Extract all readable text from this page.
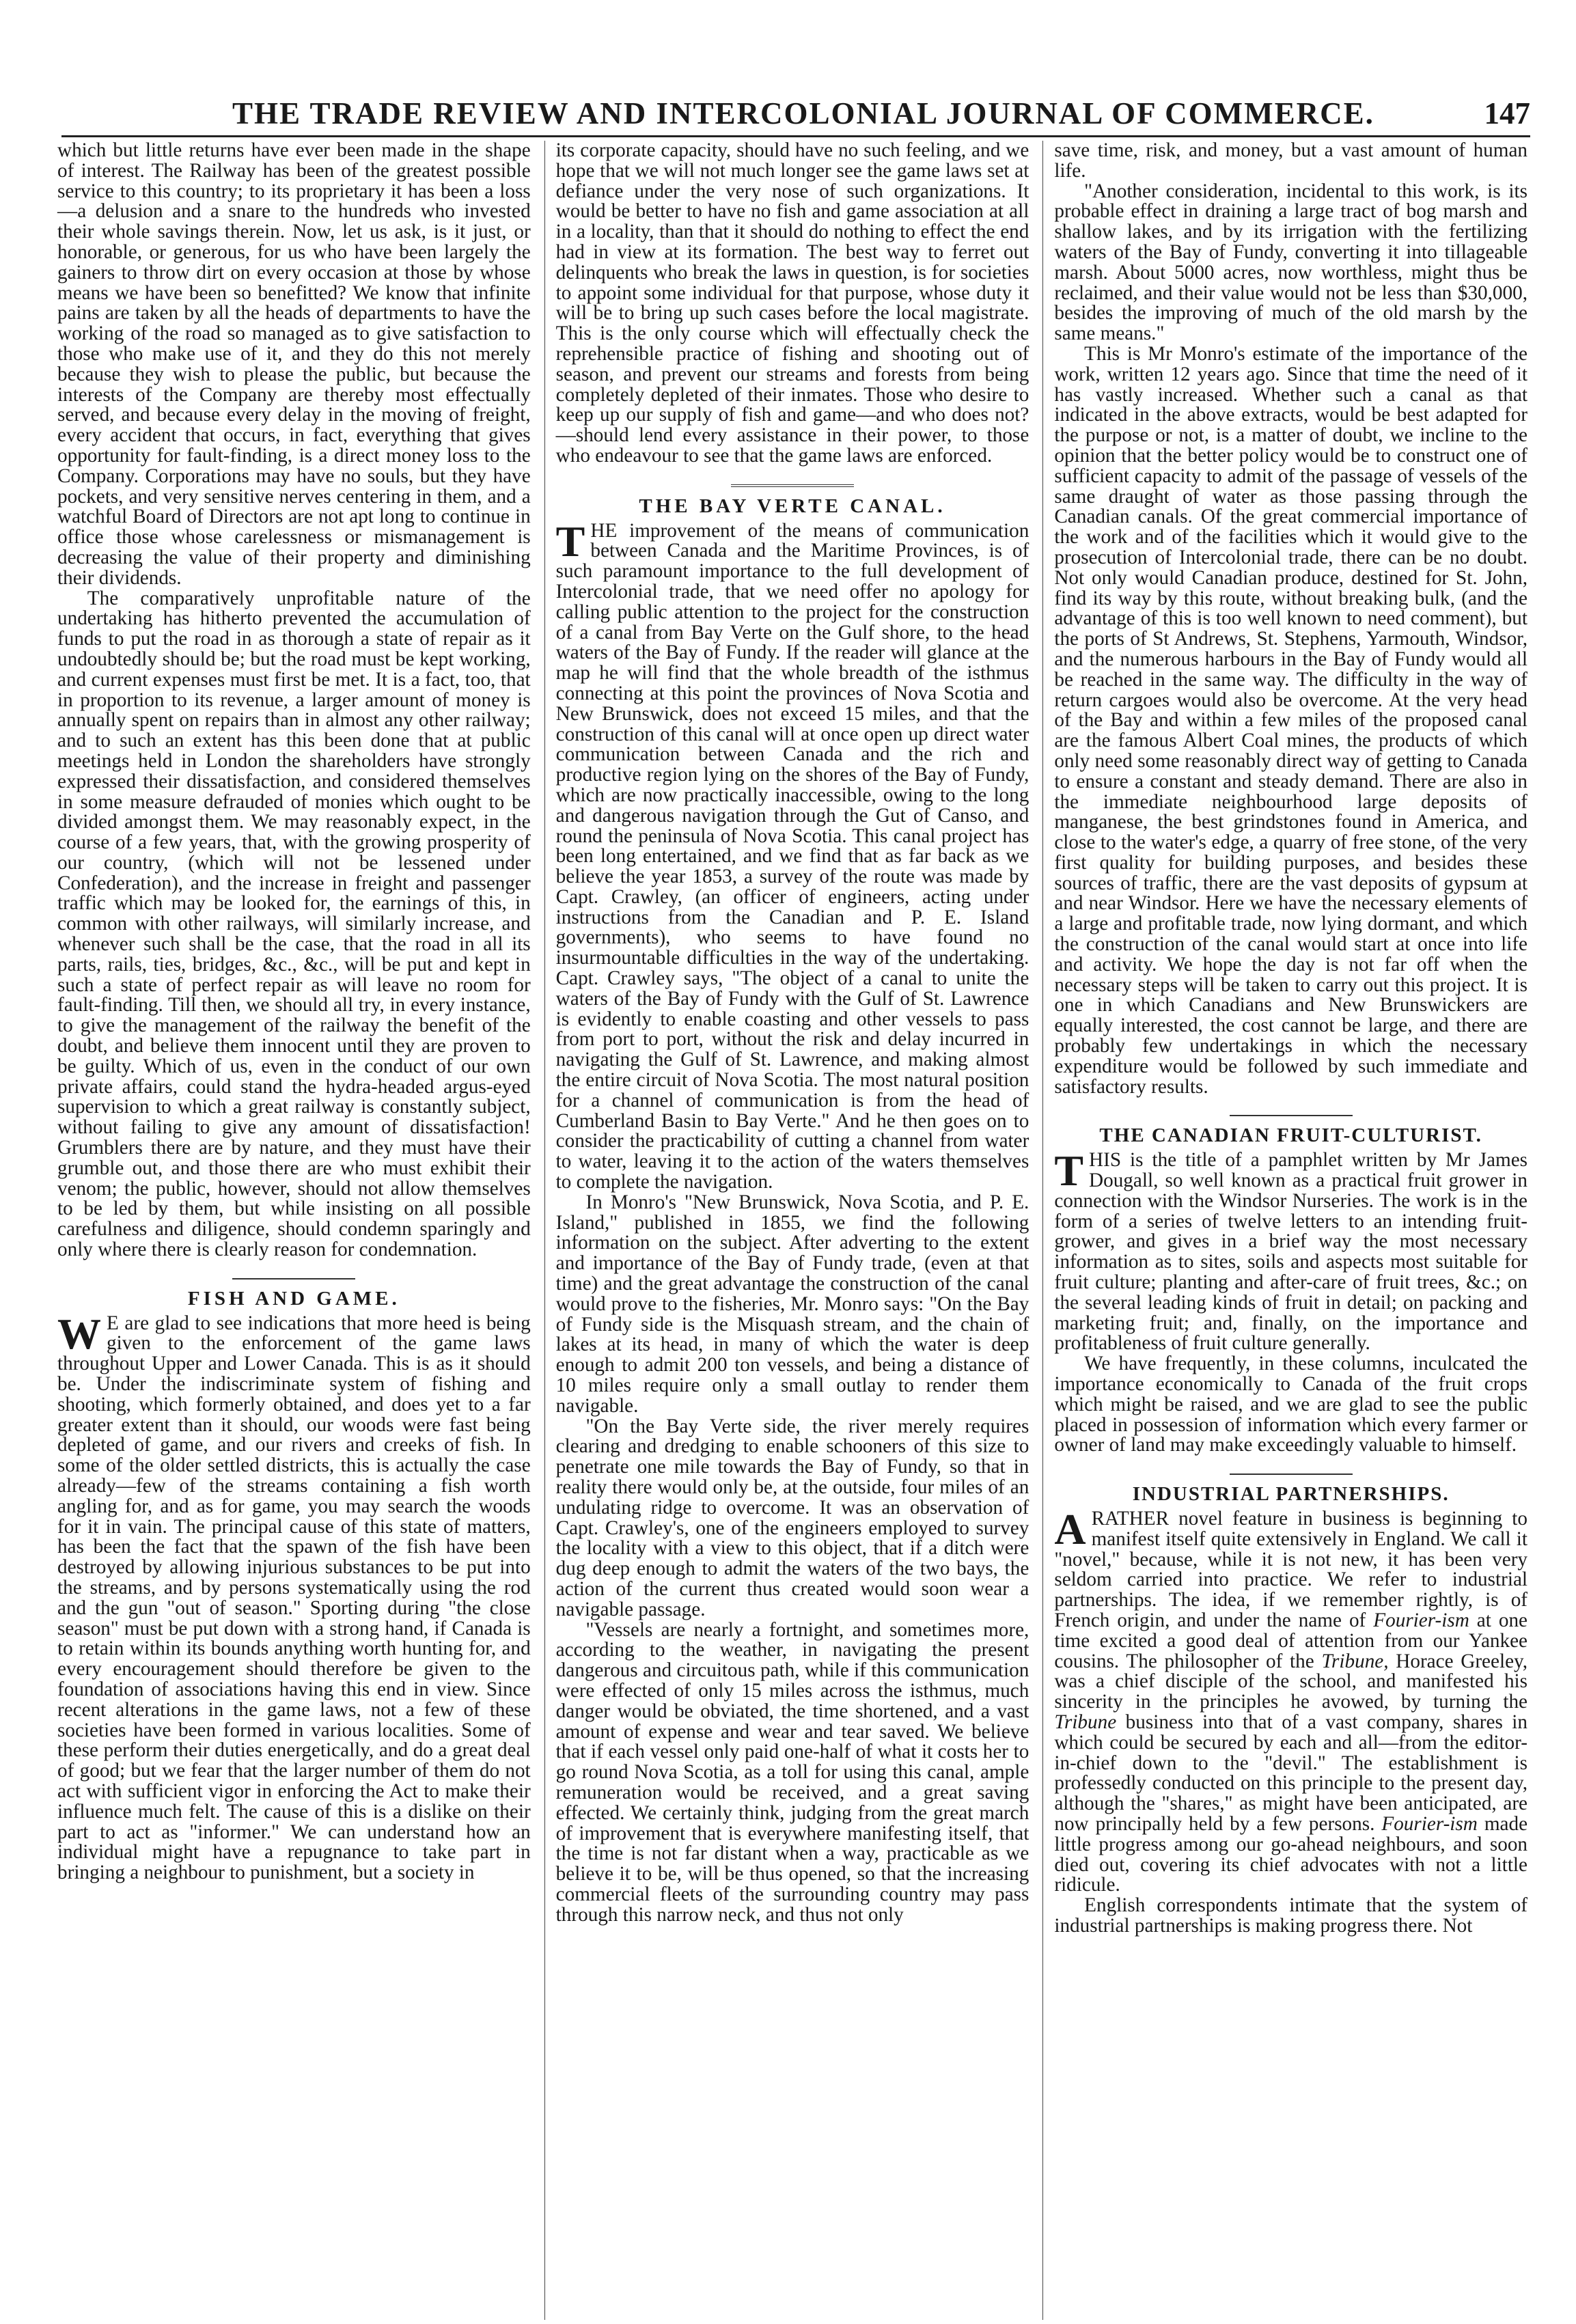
THE TRADE REVIEW AND INTERCOLONIAL JOURNAL OF COMMERCE.	147

which but little returns have ever been made in the shape of interest. The Railway has been of the greatest possible service to this country; to its proprietary it has been a loss—a delusion and a snare to the hundreds who invested their whole savings therein. Now, let us ask, is it just, or honorable, or generous, for us who have been largely the gainers to throw dirt on every occasion at those by whose means we have been so benefitted? We know that infinite pains are taken by all the heads of departments to have the working of the road so managed as to give satisfaction to those who make use of it, and they do this not merely because they wish to please the public, but because the interests of the Company are thereby most effectually served, and because every delay in the moving of freight, every accident that occurs, in fact, everything that gives opportunity for fault-finding, is a direct money loss to the Company. Corporations may have no souls, but they have pockets, and very sensitive nerves centering in them, and a watchful Board of Directors are not apt long to continue in office those whose carelessness or mismanagement is decreasing the value of their property and diminishing their dividends.

The comparatively unprofitable nature of the undertaking has hitherto prevented the accumulation of funds to put the road in as thorough a state of repair as it undoubtedly should be; but the road must be kept working, and current expenses must first be met. It is a fact, too, that in proportion to its revenue, a larger amount of money is annually spent on repairs than in almost any other railway; and to such an extent has this been done that at public meetings held in London the shareholders have strongly expressed their dissatisfaction, and considered themselves in some measure defrauded of monies which ought to be divided amongst them. We may reasonably expect, in the course of a few years, that, with the growing prosperity of our country, (which will not be lessened under Confederation), and the increase in freight and passenger traffic which may be looked for, the earnings of this, in common with other railways, will similarly increase, and whenever such shall be the case, that the road in all its parts, rails, ties, bridges, &c., &c., will be put and kept in such a state of perfect repair as will leave no room for fault-finding. Till then, we should all try, in every instance, to give the management of the railway the benefit of the doubt, and believe them innocent until they are proven to be guilty. Which of us, even in the conduct of our own private affairs, could stand the hydra-headed argus-eyed supervision to which a great railway is constantly subject, without failing to give any amount of dissatisfaction! Grumblers there are by nature, and they must have their grumble out, and those there are who must exhibit their venom; the public, however, should not allow themselves to be led by them, but while insisting on all possible carefulness and diligence, should condemn sparingly and only where there is clearly reason for condemnation.

FISH AND GAME.

W E are glad to see indications that more heed is being given to the enforcement of the game laws throughout Upper and Lower Canada. This is as it should be. Under the indiscriminate system of fishing and shooting, which formerly obtained, and does yet to a far greater extent than it should, our woods were fast being depleted of game, and our rivers and creeks of fish. In some of the older settled districts, this is actually the case already—few of the streams containing a fish worth angling for, and as for game, you may search the woods for it in vain. The principal cause of this state of matters, has been the fact that the spawn of the fish have been destroyed by allowing injurious substances to be put into the streams, and by persons systematically using the rod and the gun "out of season." Sporting during "the close season" must be put down with a strong hand, if Canada is to retain within its bounds anything worth hunting for, and every encouragement should therefore be given to the foundation of associations having this end in view. Since recent alterations in the game laws, not a few of these societies have been formed in various localities. Some of these perform their duties energetically, and do a great deal of good; but we fear that the larger number of them do not act with sufficient vigor in enforcing the Act to make their influence much felt. The cause of this is a dislike on their part to act as "informer." We can understand how an individual might have a repugnance to take part in bringing a neighbour to punishment, but a society in

its corporate capacity, should have no such feeling, and we hope that we will not much longer see the game laws set at defiance under the very nose of such organizations. It would be better to have no fish and game association at all in a locality, than that it should do nothing to effect the end had in view at its formation. The best way to ferret out delinquents who break the laws in question, is for societies to appoint some individual for that purpose, whose duty it will be to bring up such cases before the local magistrate. This is the only course which will effectually check the reprehensible practice of fishing and shooting out of season, and prevent our streams and forests from being completely depleted of their inmates. Those who desire to keep up our supply of fish and game—and who does not?—should lend every assistance in their power, to those who endeavour to see that the game laws are enforced.

THE BAY VERTE CANAL.

THE improvement of the means of communication between Canada and the Maritime Provinces, is of such paramount importance to the full development of Intercolonial trade, that we need offer no apology for calling public attention to the project for the construction of a canal from Bay Verte on the Gulf shore, to the head waters of the Bay of Fundy. If the reader will glance at the map he will find that the whole breadth of the isthmus connecting at this point the provinces of Nova Scotia and New Brunswick, does not exceed 15 miles, and that the construction of this canal will at once open up direct water communication between Canada and the rich and productive region lying on the shores of the Bay of Fundy, which are now practically inaccessible, owing to the long and dangerous navigation through the Gut of Canso, and round the peninsula of Nova Scotia. This canal project has been long entertained, and we find that as far back as we believe the year 1853, a survey of the route was made by Capt. Crawley, (an officer of engineers, acting under instructions from the Canadian and P. E. Island governments), who seems to have found no insurmountable difficulties in the way of the undertaking. Capt. Crawley says, "The object of a canal to unite the waters of the Bay of Fundy with the Gulf of St. Lawrence is evidently to enable coasting and other vessels to pass from port to port, without the risk and delay incurred in navigating the Gulf of St. Lawrence, and making almost the entire circuit of Nova Scotia. The most natural position for a channel of communication is from the head of Cumberland Basin to Bay Verte." And he then goes on to consider the practicability of cutting a channel from water to water, leaving it to the action of the waters themselves to complete the navigation.

In Monro's "New Brunswick, Nova Scotia, and P. E. Island," published in 1855, we find the following information on the subject. After adverting to the extent and importance of the Bay of Fundy trade, (even at that time) and the great advantage the construction of the canal would prove to the fisheries, Mr. Monro says: "On the Bay of Fundy side is the Misquash stream, and the chain of lakes at its head, in many of which the water is deep enough to admit 200 ton vessels, and being a distance of 10 miles require only a small outlay to render them navigable.

"On the Bay Verte side, the river merely requires clearing and dredging to enable schooners of this size to penetrate one mile towards the Bay of Fundy, so that in reality there would only be, at the outside, four miles of an undulating ridge to overcome. It was an observation of Capt. Crawley's, one of the engineers employed to survey the locality with a view to this object, that if a ditch were dug deep enough to admit the waters of the two bays, the action of the current thus created would soon wear a navigable passage.

"Vessels are nearly a fortnight, and sometimes more, according to the weather, in navigating the present dangerous and circuitous path, while if this communication were effected of only 15 miles across the isthmus, much danger would be obviated, the time shortened, and a vast amount of expense and wear and tear saved. We believe that if each vessel only paid one-half of what it costs her to go round Nova Scotia, as a toll for using this canal, ample remuneration would be received, and a great saving effected. We certainly think, judging from the great march of improvement that is everywhere manifesting itself, that the time is not far distant when a way, practicable as we believe it to be, will be thus opened, so that the increasing commercial fleets of the surrounding country may pass through this narrow neck, and thus not only

save time, risk, and money, but a vast amount of human life.

"Another consideration, incidental to this work, is its probable effect in draining a large tract of bog marsh and shallow lakes, and by its irrigation with the fertilizing waters of the Bay of Fundy, converting it into tillageable marsh. About 5000 acres, now worthless, might thus be reclaimed, and their value would not be less than $30,000, besides the improving of much of the old marsh by the same means."

This is Mr Monro's estimate of the importance of the work, written 12 years ago. Since that time the need of it has vastly increased. Whether such a canal as that indicated in the above extracts, would be best adapted for the purpose or not, is a matter of doubt, we incline to the opinion that the better policy would be to construct one of sufficient capacity to admit of the passage of vessels of the same draught of water as those passing through the Canadian canals. Of the great commercial importance of the work and of the facilities which it would give to the prosecution of Intercolonial trade, there can be no doubt. Not only would Canadian produce, destined for St. John, find its way by this route, without breaking bulk, (and the advantage of this is too well known to need comment), but the ports of St Andrews, St. Stephens, Yarmouth, Windsor, and the numerous harbours in the Bay of Fundy would all be reached in the same way. The difficulty in the way of return cargoes would also be overcome. At the very head of the Bay and within a few miles of the proposed canal are the famous Albert Coal mines, the products of which only need some reasonably direct way of getting to Canada to ensure a constant and steady demand. There are also in the immediate neighbourhood large deposits of manganese, the best grindstones found in America, and close to the water's edge, a quarry of free stone, of the very first quality for building purposes, and besides these sources of traffic, there are the vast deposits of gypsum at and near Windsor. Here we have the necessary elements of a large and profitable trade, now lying dormant, and which the construction of the canal would start at once into life and activity. We hope the day is not far off when the necessary steps will be taken to carry out this project. It is one in which Canadians and New Brunswickers are equally interested, the cost cannot be large, and there are probably few undertakings in which the necessary expenditure would be followed by such immediate and satisfactory results.

THE CANADIAN FRUIT-CULTURIST.

THIS is the title of a pamphlet written by Mr James Dougall, so well known as a practical fruit grower in connection with the Windsor Nurseries. The work is in the form of a series of twelve letters to an intending fruit-grower, and gives in a brief way the most necessary information as to sites, soils and aspects most suitable for fruit culture; planting and after-care of fruit trees, &c.; on the several leading kinds of fruit in detail; on packing and marketing fruit; and, finally, on the importance and profitableness of fruit culture generally.

We have frequently, in these columns, inculcated the importance economically to Canada of the fruit crops which might be raised, and we are glad to see the public placed in possession of information which every farmer or owner of land may make exceedingly valuable to himself.

INDUSTRIAL PARTNERSHIPS.

ARATHER novel feature in business is beginning to manifest itself quite extensively in England. We call it "novel," because, while it is not new, it has been very seldom carried into practice. We refer to industrial partnerships. The idea, if we remember rightly, is of French origin, and under the name of Fourier-ism at one time excited a good deal of attention from our Yankee cousins. The philosopher of the Tribune, Horace Greeley, was a chief disciple of the school, and manifested his sincerity in the principles he avowed, by turning the Tribune business into that of a vast company, shares in which could be secured by each and all—from the editor-in-chief down to the "devil." The establishment is professedly conducted on this principle to the present day, although the "shares," as might have been anticipated, are now principally held by a few persons. Fourier-ism made little progress among our go-ahead neighbours, and soon died out, covering its chief advocates with not a little ridicule.

English correspondents intimate that the system of industrial partnerships is making progress there. Not
